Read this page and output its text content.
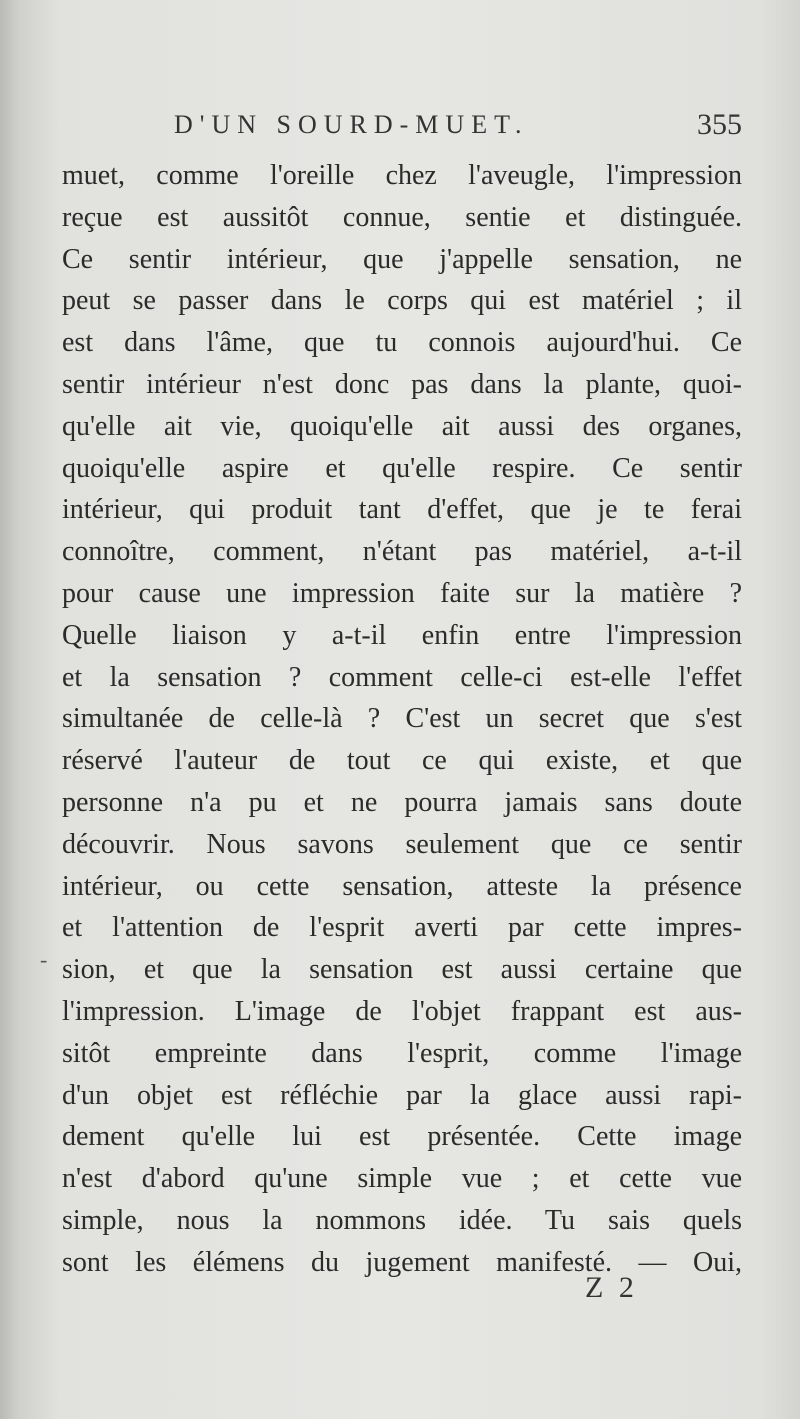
D'UN SOURD-MUET.	355
muet, comme l'oreille chez l'aveugle, l'impression
reçue est aussitôt connue, sentie et distinguée.
Ce sentir intérieur, que j'appelle sensation, ne
peut se passer dans le corps qui est matériel ; il
est dans l'âme, que tu connois aujourd'hui. Ce
sentir intérieur n'est donc pas dans la plante, quoi-
qu'elle ait vie, quoiqu'elle ait aussi des organes,
quoiqu'elle aspire et qu'elle respire. Ce sentir
intérieur, qui produit tant d'effet, que je te ferai
connoître, comment, n'étant pas matériel, a-t-il
pour cause une impression faite sur la matière ?
Quelle liaison y a-t-il enfin entre l'impression
et la sensation ? comment celle-ci est-elle l'effet
simultanée de celle-là ? C'est un secret que s'est
réservé l'auteur de tout ce qui existe, et que
personne n'a pu et ne pourra jamais sans doute
découvrir. Nous savons seulement que ce sentir
intérieur, ou cette sensation, atteste la présence
et l'attention de l'esprit averti par cette impres-
sion, et que la sensation est aussi certaine que
l'impression. L'image de l'objet frappant est aus-
sitôt empreinte dans l'esprit, comme l'image
d'un objet est réfléchie par la glace aussi rapi-
dement qu'elle lui est présentée. Cette image
n'est d'abord qu'une simple vue ; et cette vue
simple, nous la nommons idée. Tu sais quels
sont les élémens du jugement manifesté. — Oui,
-
Z 2
